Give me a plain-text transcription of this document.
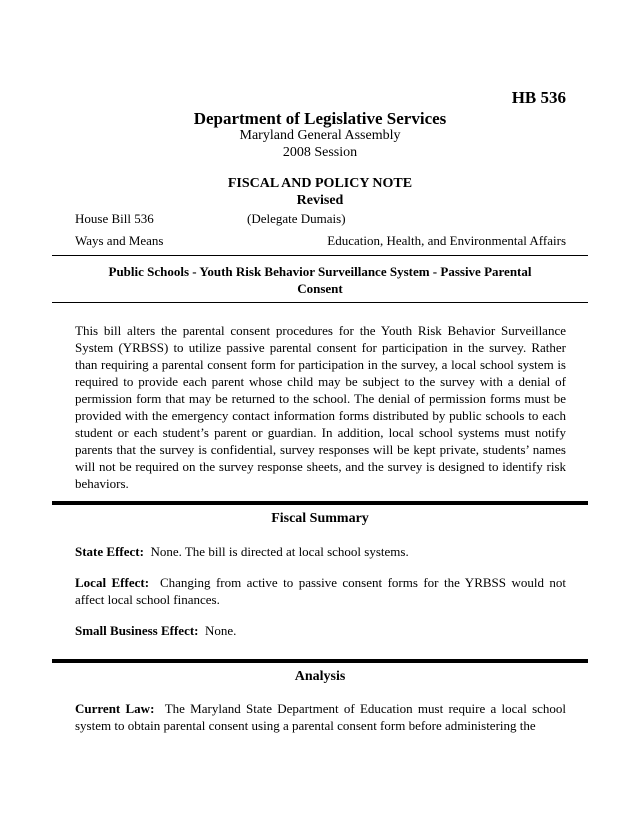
HB 536
Department of Legislative Services
Maryland General Assembly
2008 Session
FISCAL AND POLICY NOTE
Revised
House Bill 536	(Delegate Dumais)
Ways and Means	Education, Health, and Environmental Affairs
Public Schools - Youth Risk Behavior Surveillance System - Passive Parental
Consent
This bill alters the parental consent procedures for the Youth Risk Behavior Surveillance System (YRBSS) to utilize passive parental consent for participation in the survey. Rather than requiring a parental consent form for participation in the survey, a local school system is required to provide each parent whose child may be subject to the survey with a denial of permission form that may be returned to the school. The denial of permission forms must be provided with the emergency contact information forms distributed by public schools to each student or each student’s parent or guardian. In addition, local school systems must notify parents that the survey is confidential, survey responses will be kept private, students’ names will not be required on the survey response sheets, and the survey is designed to identify risk behaviors.
Fiscal Summary
State Effect: None. The bill is directed at local school systems.
Local Effect: Changing from active to passive consent forms for the YRBSS would not affect local school finances.
Small Business Effect: None.
Analysis
Current Law: The Maryland State Department of Education must require a local school system to obtain parental consent using a parental consent form before administering the
